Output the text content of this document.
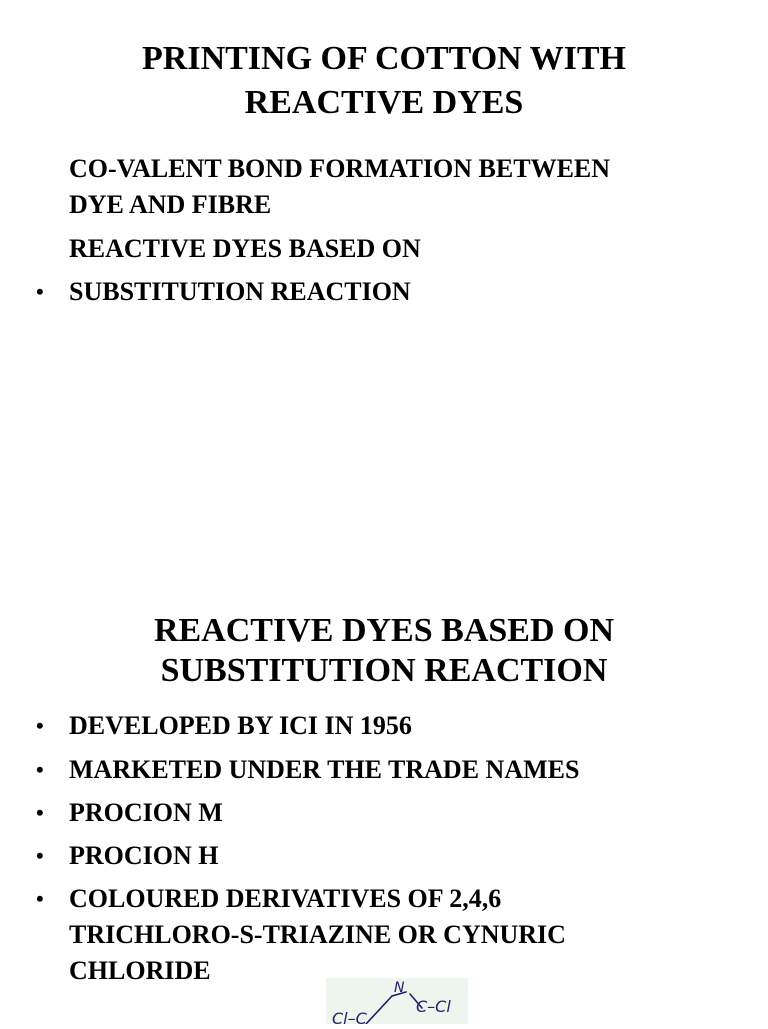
PRINTING OF COTTON WITH
REACTIVE DYES

CO-VALENT BOND FORMATION BETWEEN

DYE AND FIBRE

REACTIVE DYES BASED ON

• SUBSTITUTION REACTION

REACTIVE DYES BASED ON
SUBSTITUTION REACTION
• DEVELOPED BY ICI IN 1956

• MARKETED UNDER THE TRADE NAMES

• PROCION M

• PROCION H

• COLOURED DERIVATIVES OF 2,4,6

TRICHLORO-S-TRIAZINE OR CYNURIC

CHLORIDE

Cl–C
N
C–Cl
